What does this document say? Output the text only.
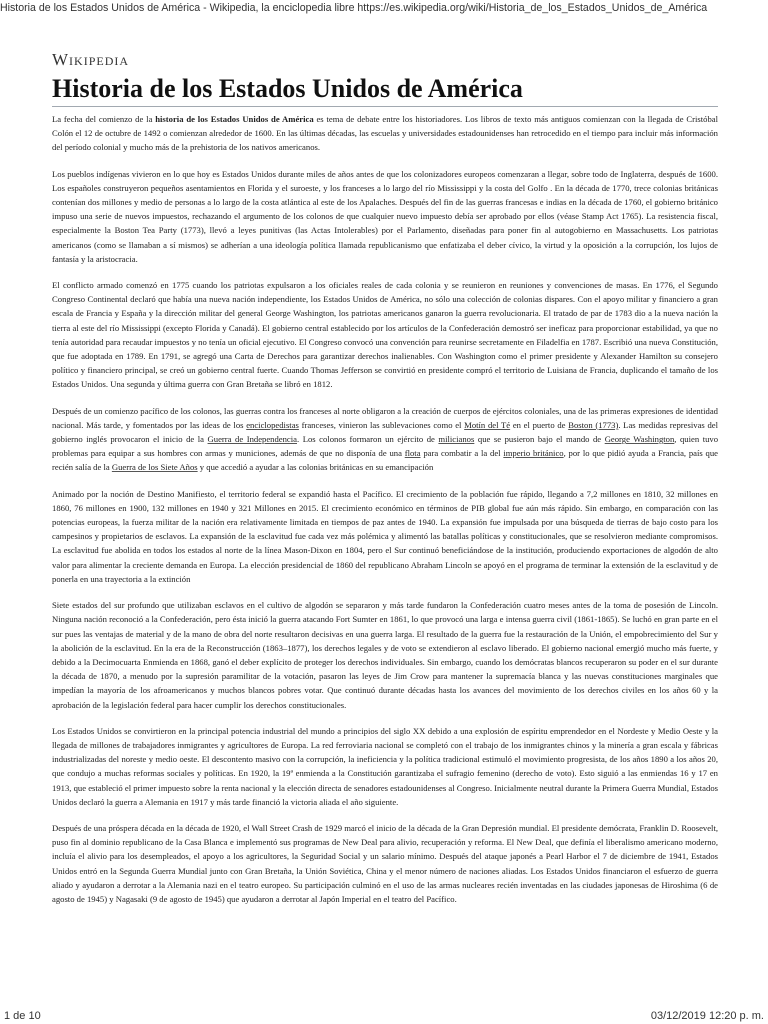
Historia de los Estados Unidos de América - Wikipedia, la enciclopedia libre https://es.wikipedia.org/wiki/Historia_de_los_Estados_Unidos_de_América
Wikipedia
Historia de los Estados Unidos de América

La fecha del comienzo de la historia de los Estados Unidos de América es tema de debate entre los historiadores. Los libros de texto más antiguos comienzan con la llegada de Cristóbal Colón el 12 de octubre de 1492 o comienzan alrededor de 1600. En las últimas décadas, las escuelas y universidades estadounidenses han retrocedido en el tiempo para incluir más información del período colonial y mucho más de la prehistoria de los nativos americanos.

Los pueblos indígenas vivieron en lo que hoy es Estados Unidos durante miles de años antes de que los colonizadores europeos comenzaran a llegar, sobre todo de Inglaterra, después de 1600. Los españoles construyeron pequeños asentamientos en Florida y el suroeste, y los franceses a lo largo del río Mississippi y la costa del Golfo . En la década de 1770, trece colonias británicas contenían dos millones y medio de personas a lo largo de la costa atlántica al este de los Apalaches. Después del fin de las guerras francesas e indias en la década de 1760, el gobierno británico impuso una serie de nuevos impuestos, rechazando el argumento de los colonos de que cualquier nuevo impuesto debía ser aprobado por ellos (véase Stamp Act 1765). La resistencia fiscal, especialmente la Boston Tea Party (1773), llevó a leyes punitivas (las Actas Intolerables) por el Parlamento, diseñadas para poner fin al autogobierno en Massachusetts. Los patriotas americanos (como se llamaban a sí mismos) se adherían a una ideología política llamada republicanismo que enfatizaba el deber cívico, la virtud y la oposición a la corrupción, los lujos de fantasía y la aristocracia.

El conflicto armado comenzó en 1775 cuando los patriotas expulsaron a los oficiales reales de cada colonia y se reunieron en reuniones y convenciones de masas. En 1776, el Segundo Congreso Continental declaró que había una nueva nación independiente, los Estados Unidos de América, no sólo una colección de colonias dispares. Con el apoyo militar y financiero a gran escala de Francia y España y la dirección militar del general George Washington, los patriotas americanos ganaron la guerra revolucionaria. El tratado de par de 1783 dio a la nueva nación la tierra al este del río Mississippi (excepto Florida y Canadá). El gobierno central establecido por los artículos de la Confederación demostró ser ineficaz para proporcionar estabilidad, ya que no tenía autoridad para recaudar impuestos y no tenía un oficial ejecutivo. El Congreso convocó una convención para reunirse secretamente en Filadelfia en 1787. Escribió una nueva Constitución, que fue adoptada en 1789. En 1791, se agregó una Carta de Derechos para garantizar derechos inalienables. Con Washington como el primer presidente y Alexander Hamilton su consejero político y financiero principal, se creó un gobierno central fuerte. Cuando Thomas Jefferson se convirtió en presidente compró el territorio de Luisiana de Francia, duplicando el tamaño de los Estados Unidos. Una segunda y última guerra con Gran Bretaña se libró en 1812.

Después de un comienzo pacífico de los colonos, las guerras contra los franceses al norte obligaron a la creación de cuerpos de ejércitos coloniales, una de las primeras expresiones de identidad nacional. Más tarde, y fomentados por las ideas de los enciclopedistas franceses, vinieron las sublevaciones como el Motín del Té en el puerto de Boston (1773). Las medidas represivas del gobierno inglés provocaron el inicio de la Guerra de Independencia. Los colonos formaron un ejército de milicianos que se pusieron bajo el mando de George Washington, quien tuvo problemas para equipar a sus hombres con armas y municiones, además de que no disponía de una flota para combatir a la del imperio británico, por lo que pidió ayuda a Francia, país que recién salía de la Guerra de los Siete Años y que accedió a ayudar a las colonias británicas en su emancipación

Animado por la noción de Destino Manifiesto, el territorio federal se expandió hasta el Pacífico. El crecimiento de la población fue rápido, llegando a 7,2 millones en 1810, 32 millones en 1860, 76 millones en 1900, 132 millones en 1940 y 321 Millones en 2015. El crecimiento económico en términos de PIB global fue aún más rápido. Sin embargo, en comparación con las potencias europeas, la fuerza militar de la nación era relativamente limitada en tiempos de paz antes de 1940. La expansión fue impulsada por una búsqueda de tierras de bajo costo para los campesinos y propietarios de esclavos. La expansión de la esclavitud fue cada vez más polémica y alimentó las batallas políticas y constitucionales, que se resolvieron mediante compromisos. La esclavitud fue abolida en todos los estados al norte de la línea Mason-Dixon en 1804, pero el Sur continuó beneficiándose de la institución, produciendo exportaciones de algodón de alto valor para alimentar la creciente demanda en Europa. La elección presidencial de 1860 del republicano Abraham Lincoln se apoyó en el programa de terminar la extensión de la esclavitud y de ponerla en una trayectoria a la extinción

Siete estados del sur profundo que utilizaban esclavos en el cultivo de algodón se separaron y más tarde fundaron la Confederación cuatro meses antes de la toma de posesión de Lincoln. Ninguna nación reconoció a la Confederación, pero ésta inició la guerra atacando Fort Sumter en 1861, lo que provocó una larga e intensa guerra civil (1861-1865). Se luchó en gran parte en el sur pues las ventajas de material y de la mano de obra del norte resultaron decisivas en una guerra larga. El resultado de la guerra fue la restauración de la Unión, el empobrecimiento del Sur y la abolición de la esclavitud. En la era de la Reconstrucción (1863–1877), los derechos legales y de voto se extendieron al esclavo liberado. El gobierno nacional emergió mucho más fuerte, y debido a la Decimocuarta Enmienda en 1868, ganó el deber explícito de proteger los derechos individuales. Sin embargo, cuando los demócratas blancos recuperaron su poder en el sur durante la década de 1870, a menudo por la supresión paramilitar de la votación, pasaron las leyes de Jim Crow para mantener la supremacía blanca y las nuevas constituciones marginales que impedían la mayoría de los afroamericanos y muchos blancos pobres votar. Que continuó durante décadas hasta los avances del movimiento de los derechos civiles en los años 60 y la aprobación de la legislación federal para hacer cumplir los derechos constitucionales.

Los Estados Unidos se convirtieron en la principal potencia industrial del mundo a principios del siglo XX debido a una explosión de espíritu emprendedor en el Nordeste y Medio Oeste y la llegada de millones de trabajadores inmigrantes y agricultores de Europa. La red ferroviaria nacional se completó con el trabajo de los inmigrantes chinos y la minería a gran escala y fábricas industrializadas del noreste y medio oeste. El descontento masivo con la corrupción, la ineficiencia y la política tradicional estimuló el movimiento progresista, de los años 1890 a los años 20, que condujo a muchas reformas sociales y políticas. En 1920, la 19ª enmienda a la Constitución garantizaba el sufragio femenino (derecho de voto). Esto siguió a las enmiendas 16 y 17 en 1913, que estableció el primer impuesto sobre la renta nacional y la elección directa de senadores estadounidenses al Congreso. Inicialmente neutral durante la Primera Guerra Mundial, Estados Unidos declaró la guerra a Alemania en 1917 y más tarde financió la victoria aliada el año siguiente.

Después de una próspera década en la década de 1920, el Wall Street Crash de 1929 marcó el inicio de la década de la Gran Depresión mundial. El presidente demócrata, Franklin D. Roosevelt, puso fin al dominio republicano de la Casa Blanca e implementó sus programas de New Deal para alivio, recuperación y reforma. El New Deal, que definía el liberalismo americano moderno, incluía el alivio para los desempleados, el apoyo a los agricultores, la Seguridad Social y un salario mínimo. Después del ataque japonés a Pearl Harbor el 7 de diciembre de 1941, Estados Unidos entró en la Segunda Guerra Mundial junto con Gran Bretaña, la Unión Soviética, China y el menor número de naciones aliadas. Los Estados Unidos financiaron el esfuerzo de guerra aliado y ayudaron a derrotar a la Alemania nazi en el teatro europeo. Su participación culminó en el uso de las armas nucleares recién inventadas en las ciudades japonesas de Hiroshima (6 de agosto de 1945) y Nagasaki (9 de agosto de 1945) que ayudaron a derrotar al Japón Imperial en el teatro del Pacífico.

1 de 10	03/12/2019 12:20 p. m.
